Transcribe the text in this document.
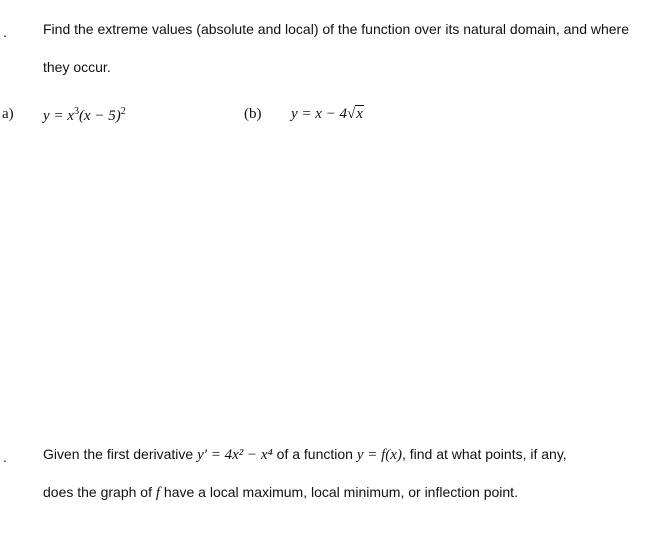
.	Find the extreme values (absolute and local) of the function over its natural domain, and where
they occur.
a) $y = x^3(x - 5)^2$	(b) y = x − 4√x
.	Given the first derivative y′ = 4x² − x⁴ of a function y = f(x), find at what points, if any,
does the graph of f have a local maximum, local minimum, or inflection point.
